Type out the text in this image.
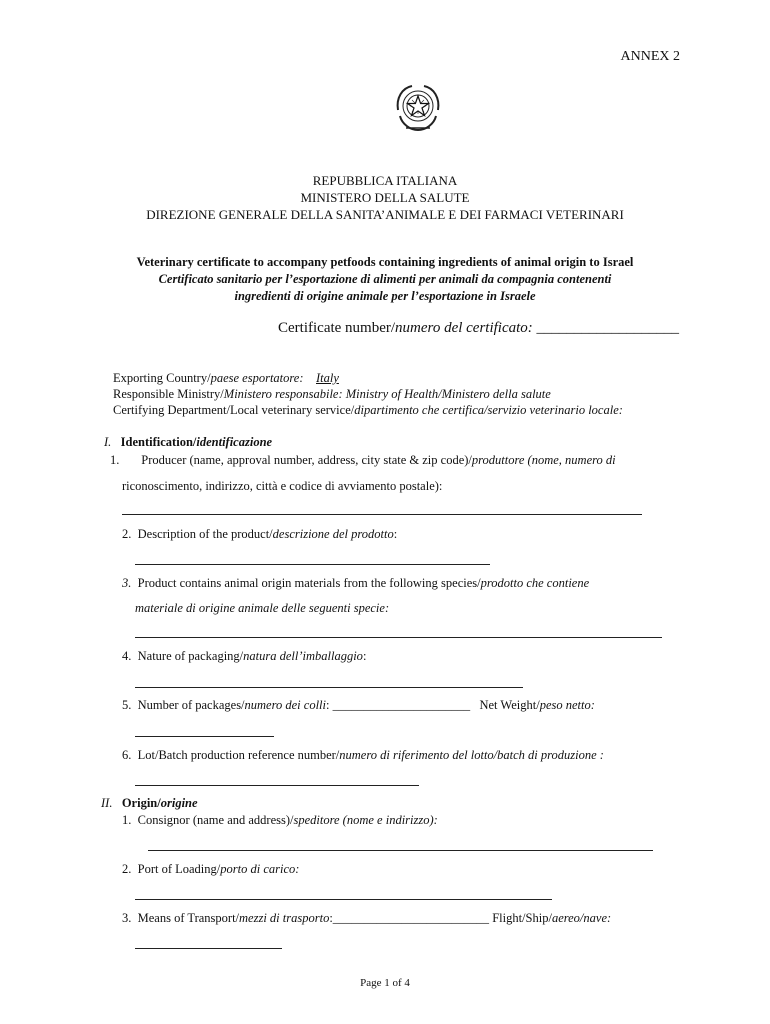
ANNEX 2
REPUBBLICA ITALIANA
MINISTERO DELLA SALUTE
DIREZIONE GENERALE DELLA SANITA’ANIMALE E DEI FARMACI VETERINARI
Veterinary certificate to accompany petfoods containing ingredients of animal origin to Israel
Certificato sanitario per l’esportazione di alimenti per animali da compagnia contenenti
ingredienti di origine animale per l’esportazione in Israele
Certificate number/numero del certificato: ___________________
Exporting Country/paese esportatore: Italy
Responsible Ministry/Ministero responsabile: Ministry of Health/Ministero della salute
Certifying Department/Local veterinary service/dipartimento che certifica/servizio veterinario locale:
I. Identification/identificazione
1. Producer (name, approval number, address, city state & zip code)/produttore (nome, numero di
riconoscimento, indirizzo, città e codice di avviamento postale):
2. Description of the product/descrizione del prodotto:
3. Product contains animal origin materials from the following species/prodotto che contiene
materiale di origine animale delle seguenti specie:
4. Nature of packaging/natura dell’imballaggio:
5. Number of packages/numero dei colli: ______________________ Net Weight/peso netto:
6. Lot/Batch production reference number/numero di riferimento del lotto/batch di produzione :
II. Origin/origine
1. Consignor (name and address)/speditore (nome e indirizzo):
2. Port of Loading/porto di carico:
3. Means of Transport/mezzi di trasporto:_________________________ Flight/Ship/aereo/nave:
Page 1 of 4
